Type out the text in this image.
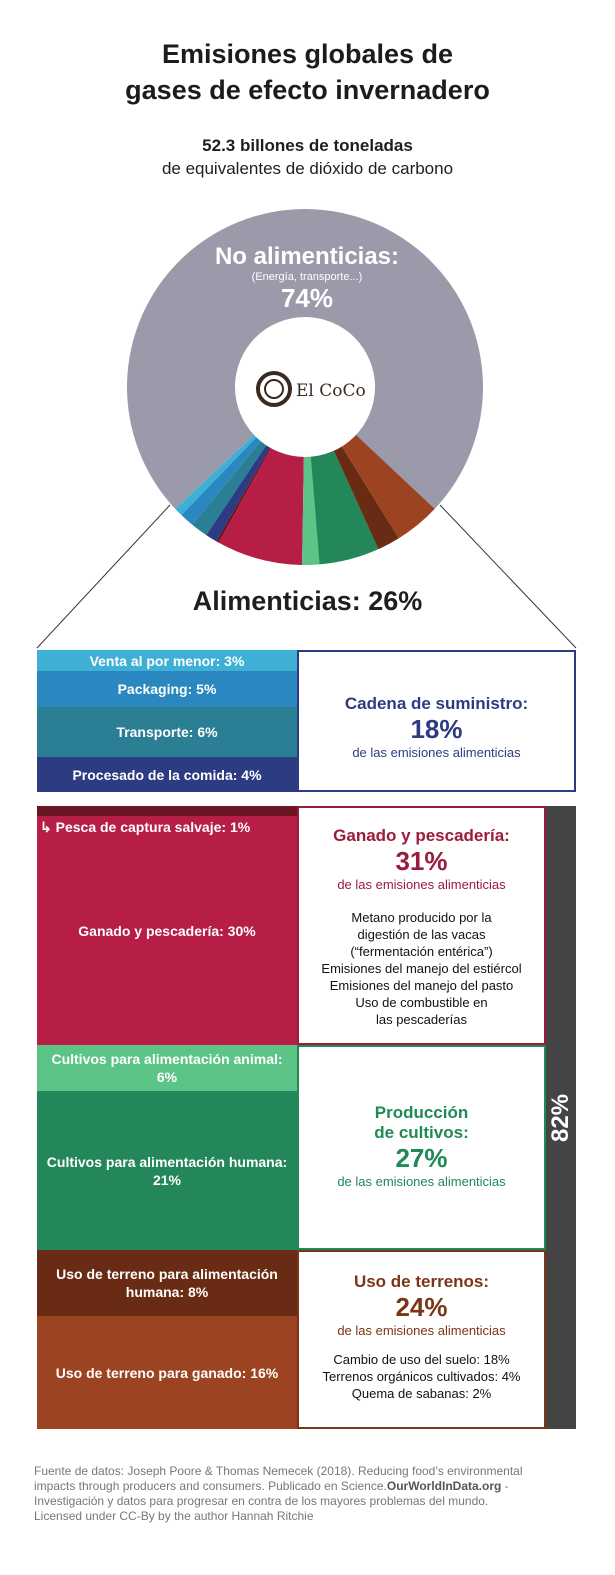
Emisiones globales de
gases de efecto invernadero
52.3 billones de toneladas
de equivalentes de dióxido de carbono
No alimenticias:
(Energía, transporte...)
74%
El CoCo
Alimenticias: 26%
Venta al por menor: 3%
Packaging: 5%
Transporte: 6%
Procesado de la comida: 4%
Cadena de suministro:
18%
de las emisiones alimenticias
Ganado y pescadería: 30%
↳ Pesca de captura salvaje: 1%	Ganado y pescadería:
31%
de las emisiones alimenticias
Metano producido por la
digestión de las vacas
(“fermentación entérica”)
Emisiones del manejo del estiércol
Emisiones del manejo del pasto
Uso de combustible en
las pescaderías
Cultivos para alimentación animal: 6%
Cultivos para alimentación humana: 21%
Producción
de cultivos:
27%
de las emisiones alimenticias
Uso de terreno para alimentación humana: 8%
Uso de terreno para ganado: 16%
Uso de terrenos:
24%
de las emisiones alimenticias
Cambio de uso del suelo: 18%
Terrenos orgánicos cultivados: 4%
Quema de sabanas: 2%
82%
Fuente de datos: Joseph Poore & Thomas Nemecek (2018). Reducing food’s environmental
impacts through producers and consumers. Publicado en Science.OurWorldInData.org -
Investigación y datos para progresar en contra de los mayores problemas del mundo.
Licensed under CC-By by the author Hannah Ritchie
